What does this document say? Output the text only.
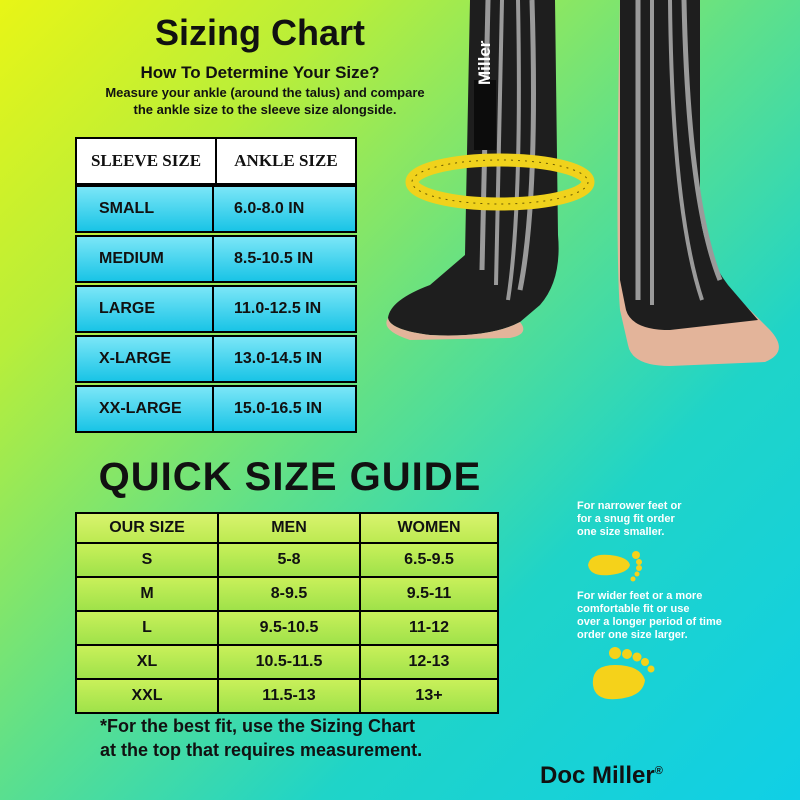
Sizing Chart
How To Determine Your Size?
Measure your ankle (around the talus) and compare
the ankle size to the sleeve size alongside.
SLEEVE SIZE	ANKLE SIZE
SMALL	6.0-8.0 IN
MEDIUM	8.5-10.5 IN
LARGE	11.0-12.5 IN
X-LARGE	13.0-14.5 IN
XX-LARGE	15.0-16.5 IN
QUICK SIZE GUIDE
OUR SIZE	MEN	WOMEN
S	5-8	6.5-9.5
M	8-9.5	9.5-11
L	9.5-10.5	11-12
XL	10.5-11.5	12-13
XXL	11.5-13	13+
For narrower feet or
for a snug fit order
one size smaller.
For wider feet or a more
comfortable fit or use
over a longer period of time
order one size larger.
*For the best fit, use the Sizing Chart
at the top that requires measurement.
Doc Miller®
